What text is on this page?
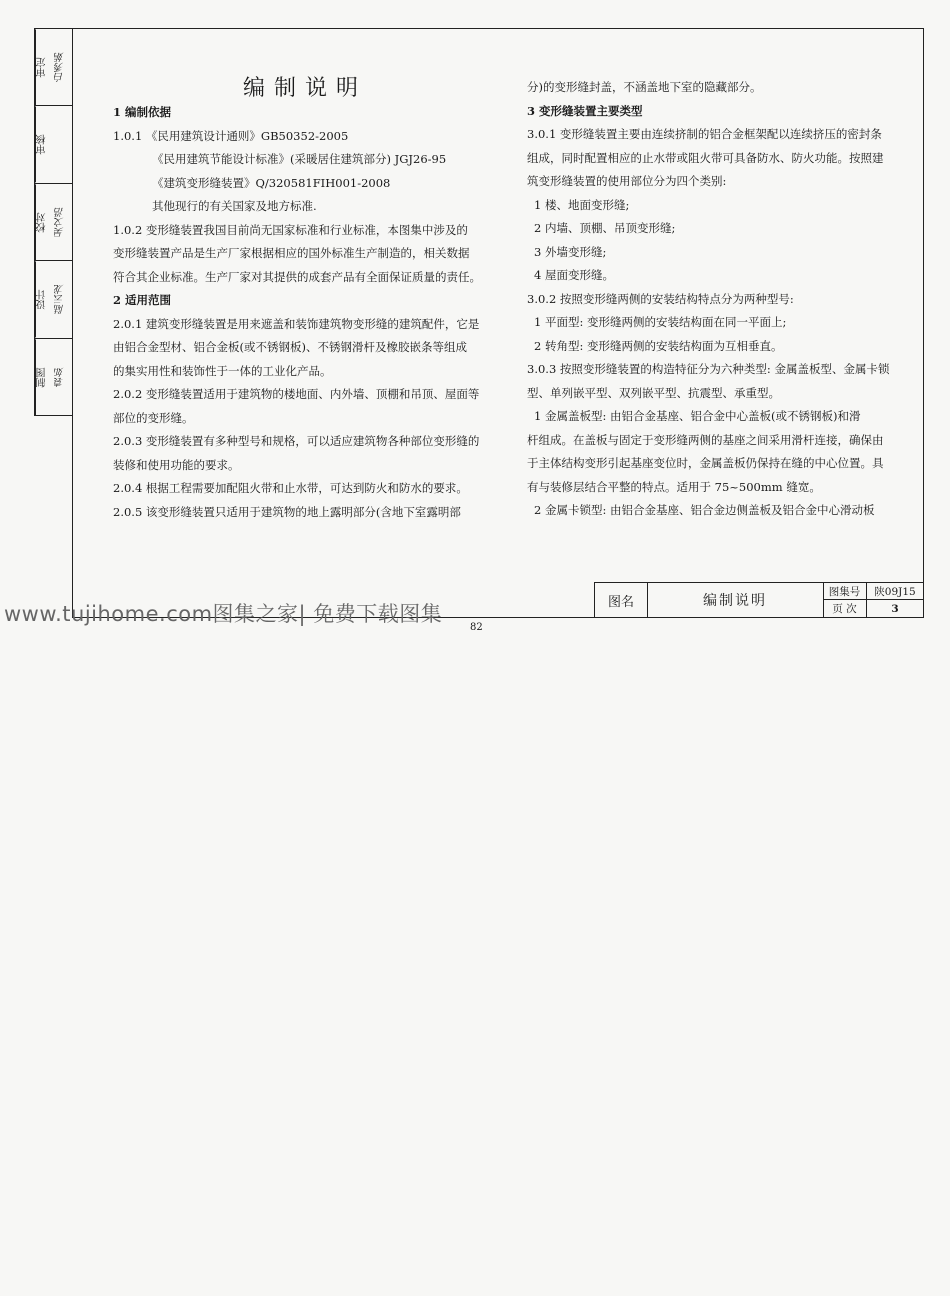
审定 白秀娟
审核
校对 吴文浩
设计 陆云龙
制图 袁如
编制说明
1 编制依据
1.0.1 《民用建筑设计通则》GB50352-2005
《民用建筑节能设计标准》(采暖居住建筑部分) JGJ26-95
《建筑变形缝装置》Q/320581FIH001-2008
其他现行的有关国家及地方标准.
1.0.2 变形缝装置我国目前尚无国家标准和行业标准，本图集中涉及的
变形缝装置产品是生产厂家根据相应的国外标准生产制造的，相关数据
符合其企业标准。生产厂家对其提供的成套产品有全面保证质量的责任。
2 适用范围
2.0.1 建筑变形缝装置是用来遮盖和装饰建筑物变形缝的建筑配件，它是
由铝合金型材、铝合金板(或不锈钢板)、不锈钢滑杆及橡胶嵌条等组成
的集实用性和装饰性于一体的工业化产品。
2.0.2 变形缝装置适用于建筑物的楼地面、内外墙、顶棚和吊顶、屋面等
部位的变形缝。
2.0.3 变形缝装置有多种型号和规格，可以适应建筑物各种部位变形缝的
装修和使用功能的要求。
2.0.4 根据工程需要加配阻火带和止水带，可达到防火和防水的要求。
2.0.5 该变形缝装置只适用于建筑物的地上露明部分(含地下室露明部
分)的变形缝封盖，不涵盖地下室的隐藏部分。
3 变形缝装置主要类型
3.0.1 变形缝装置主要由连续挤制的铝合金框架配以连续挤压的密封条
组成，同时配置相应的止水带或阻火带可具备防水、防火功能。按照建
筑变形缝装置的使用部位分为四个类别:
1 楼、地面变形缝;
2 内墙、顶棚、吊顶变形缝;
3 外墙变形缝;
4 屋面变形缝。
3.0.2 按照变形缝两侧的安装结构特点分为两种型号:
1 平面型: 变形缝两侧的安装结构面在同一平面上;
2 转角型: 变形缝两侧的安装结构面为互相垂直。
3.0.3 按照变形缝装置的构造特征分为六种类型: 金属盖板型、金属卡锁
型、单列嵌平型、双列嵌平型、抗震型、承重型。
1 金属盖板型: 由铝合金基座、铝合金中心盖板(或不锈钢板)和滑
杆组成。在盖板与固定于变形缝两侧的基座之间采用滑杆连接，确保由
于主体结构变形引起基座变位时，金属盖板仍保持在缝的中心位置。具
有与装修层结合平整的特点。适用于 75~500mm 缝宽。
2 金属卡锁型: 由铝合金基座、铝合金边侧盖板及铝合金中心滑动板
图名	编制说明
图集号	陕09J15
页 次	3
www.tujihome.com图集之家| 免费下载图集
82
